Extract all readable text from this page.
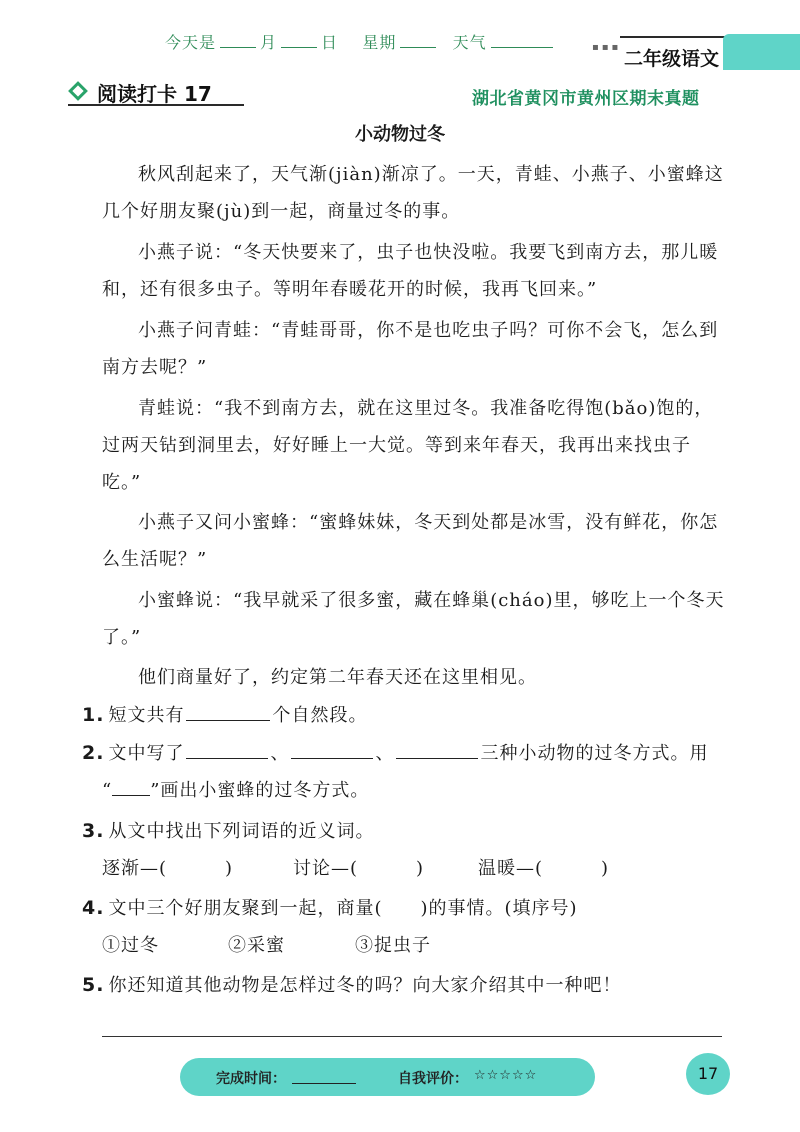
今天是	月	日 星期	天气	▪▪▪
二年级语文
阅读打卡 17	湖北省黄冈市黄州区期末真题
小动物过冬

秋风刮起来了，天气渐(jiàn)渐凉了。一天，青蛙、小燕子、小蜜蜂这几个好朋友聚(jù)到一起，商量过冬的事。

小燕子说：“冬天快要来了，虫子也快没啦。我要飞到南方去，那儿暖和，还有很多虫子。等明年春暖花开的时候，我再飞回来。”

小燕子问青蛙：“青蛙哥哥，你不是也吃虫子吗？可你不会飞，怎么到南方去呢？”

青蛙说：“我不到南方去，就在这里过冬。我准备吃得饱(bǎo)饱的，过两天钻到洞里去，好好睡上一大觉。等到来年春天，我再出来找虫子吃。”

小燕子又问小蜜蜂：“蜜蜂妹妹，冬天到处都是冰雪，没有鲜花，你怎么生活呢？”

小蜜蜂说：“我早就采了很多蜜，藏在蜂巢(cháo)里，够吃上一个冬天了。”

他们商量好了，约定第二年春天还在这里相见。

1. 短文共有	个自然段。
2. 文中写了	、	、	三种小动物的过冬方式。用
“ ”画出小蜜蜂的过冬方式。
3. 从文中找出下列词语的近义词。
逐渐—(	)	讨论—(	)	温暖—(	)
4. 文中三个好朋友聚到一起，商量( )的事情。(填序号)
①过冬	②采蜜	③捉虫子
5. 你还知道其他动物是怎样过冬的吗？向大家介绍其中一种吧！
完成时间：	自我评价： ☆☆☆☆☆	17
